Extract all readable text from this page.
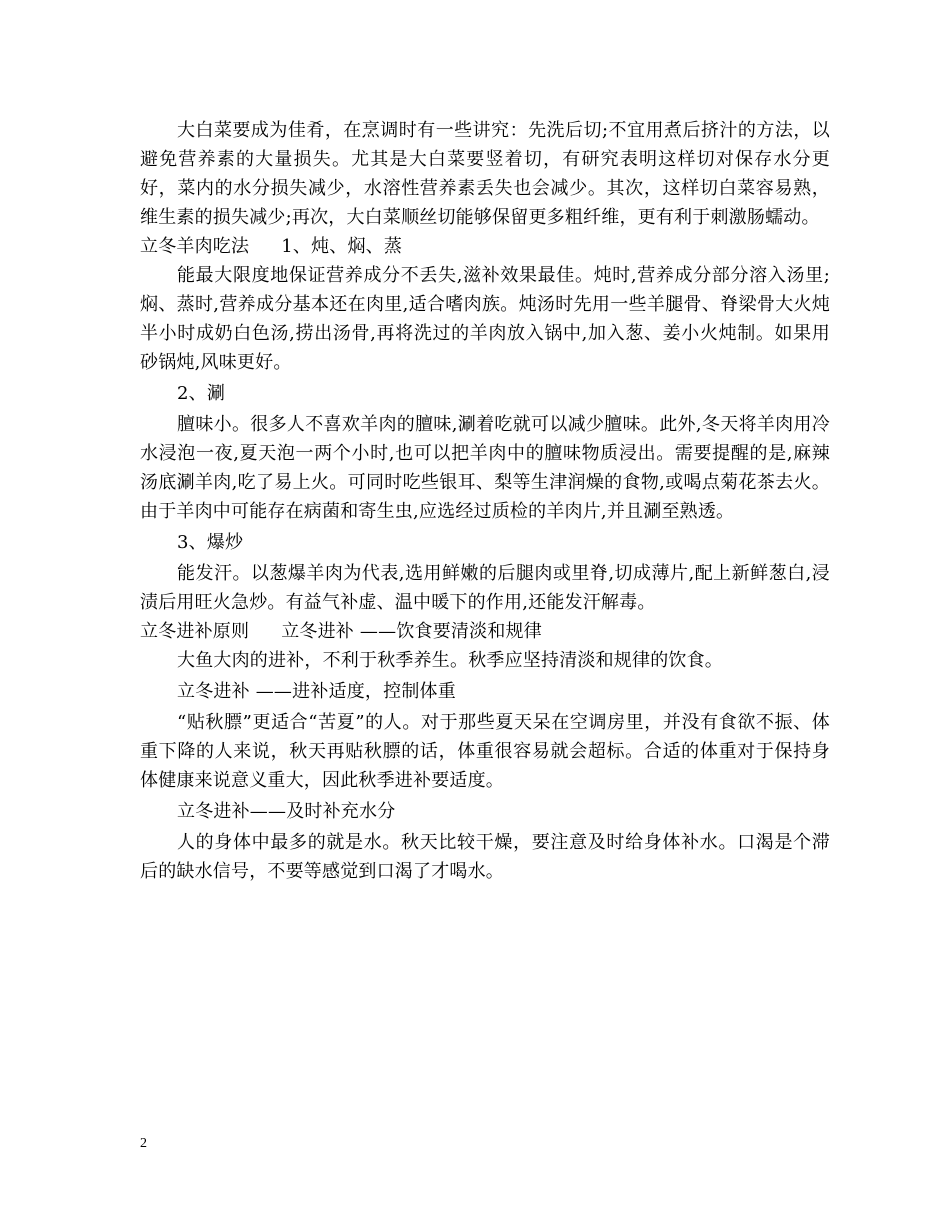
大白菜要成为佳肴，在烹调时有一些讲究：先洗后切;不宜用煮后挤汁的方法，以避免营养素的大量损失。尤其是大白菜要竖着切，有研究表明这样切对保存水分更好，菜内的水分损失减少，水溶性营养素丢失也会减少。其次，这样切白菜容易熟，维生素的损失减少;再次，大白菜顺丝切能够保留更多粗纤维，更有利于刺激肠蠕动。

立冬羊肉吃法 1、炖、焖、蒸

能最大限度地保证营养成分不丢失,滋补效果最佳。炖时,营养成分部分溶入汤里;焖、蒸时,营养成分基本还在肉里,适合嗜肉族。炖汤时先用一些羊腿骨、脊梁骨大火炖半小时成奶白色汤,捞出汤骨,再将洗过的羊肉放入锅中,加入葱、姜小火炖制。如果用砂锅炖,风味更好。

2、涮

膻味小。很多人不喜欢羊肉的膻味,涮着吃就可以减少膻味。此外,冬天将羊肉用冷水浸泡一夜,夏天泡一两个小时,也可以把羊肉中的膻味物质浸出。需要提醒的是,麻辣汤底涮羊肉,吃了易上火。可同时吃些银耳、梨等生津润燥的食物,或喝点菊花茶去火。由于羊肉中可能存在病菌和寄生虫,应选经过质检的羊肉片,并且涮至熟透。

3、爆炒

能发汗。以葱爆羊肉为代表,选用鲜嫩的后腿肉或里脊,切成薄片,配上新鲜葱白,浸渍后用旺火急炒。有益气补虚、温中暖下的作用,还能发汗解毒。

立冬进补原则 立冬进补 ——饮食要清淡和规律

大鱼大肉的进补，不利于秋季养生。秋季应坚持清淡和规律的饮食。

立冬进补 ——进补适度，控制体重

“贴秋膘”更适合“苦夏”的人。对于那些夏天呆在空调房里，并没有食欲不振、体重下降的人来说，秋天再贴秋膘的话，体重很容易就会超标。合适的体重对于保持身体健康来说意义重大，因此秋季进补要适度。

立冬进补——及时补充水分

人的身体中最多的就是水。秋天比较干燥，要注意及时给身体补水。口渴是个滞后的缺水信号，不要等感觉到口渴了才喝水。

2
